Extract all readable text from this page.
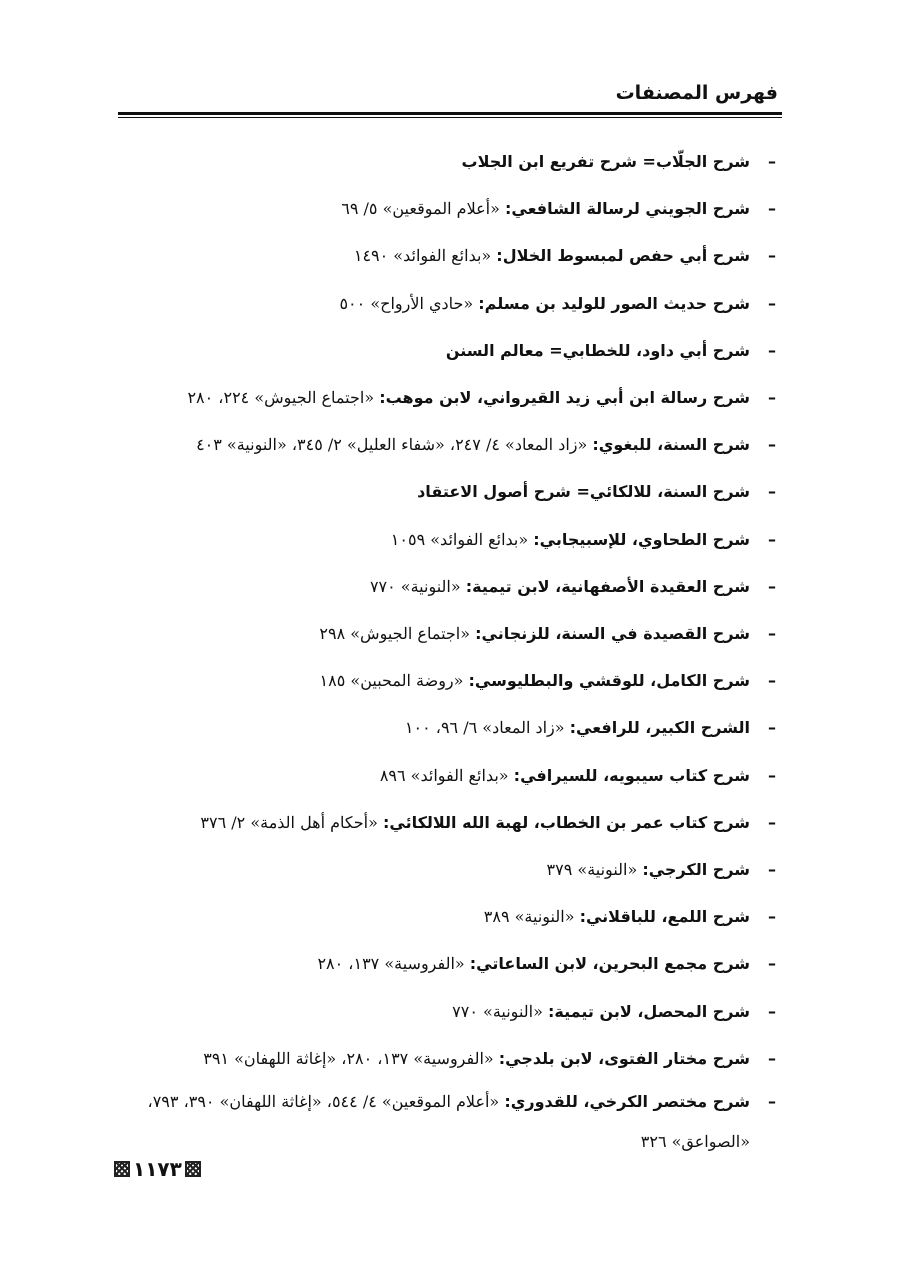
فهرس المصنفات
–
شرح الجلّاب= شرح تفريع ابن الجلاب
–
شرح الجويني لرسالة الشافعي: «أعلام الموقعين» ٥/ ٦٩
–
شرح أبي حفص لمبسوط الخلال: «بدائع الفوائد» ١٤٩٠
–
شرح حديث الصور للوليد بن مسلم: «حادي الأرواح» ٥٠٠
–
شرح أبي داود، للخطابي= معالم السنن
–
شرح رسالة ابن أبي زيد القيرواني، لابن موهب: «اجتماع الجيوش» ٢٢٤، ٢٨٠
–
شرح السنة، للبغوي: «زاد المعاد» ٤/ ٢٤٧، «شفاء العليل» ٢/ ٣٤٥، «النونية» ٤٠٣
–
شرح السنة، للالكائي= شرح أصول الاعتقاد
–
شرح الطحاوي، للإسبيجابي: «بدائع الفوائد» ١٠٥٩
–
شرح العقيدة الأصفهانية، لابن تيمية: «النونية» ٧٧٠
–
شرح القصيدة في السنة، للزنجاني: «اجتماع الجيوش» ٢٩٨
–
شرح الكامل، للوقشي والبطليوسي: «روضة المحبين» ١٨٥
–
الشرح الكبير، للرافعي: «زاد المعاد» ٦/ ٩٦، ١٠٠
–
شرح كتاب سيبويه، للسيرافي: «بدائع الفوائد» ٨٩٦
–
شرح كتاب عمر بن الخطاب، لهبة الله اللالكائي: «أحكام أهل الذمة» ٢/ ٣٧٦
–
شرح الكرجي: «النونية» ٣٧٩
–
شرح اللمع، للباقلاني: «النونية» ٣٨٩
–
شرح مجمع البحرين، لابن الساعاتي: «الفروسية» ١٣٧، ٢٨٠
–
شرح المحصل، لابن تيمية: «النونية» ٧٧٠
–
شرح مختار الفتوى، لابن بلدجي: «الفروسية» ١٣٧، ٢٨٠، «إغاثة اللهفان» ٣٩١
–
شرح مختصر الكرخي، للقدوري: «أعلام الموقعين» ٤/ ٥٤٤، «إغاثة اللهفان» ٣٩٠، ٧٩٣، «الصواعق» ٣٢٦
١١٧٣
